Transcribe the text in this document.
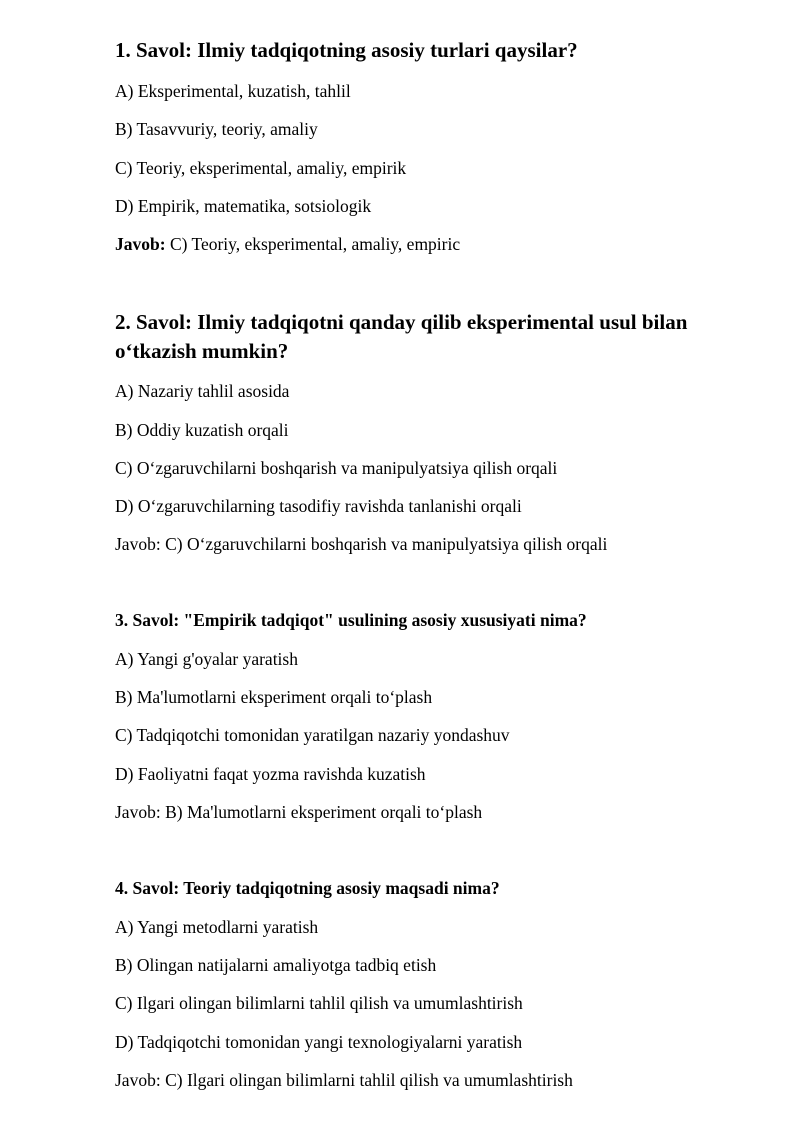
1. Savol: Ilmiy tadqiqotning asosiy turlari qaysilar?

A) Eksperimental, kuzatish, tahlil

B) Tasavvuriy, teoriy, amaliy

C) Teoriy, eksperimental, amaliy, empirik

D) Empirik, matematika, sotsiologik

Javob: C) Teoriy, eksperimental, amaliy, empiric

2. Savol: Ilmiy tadqiqotni qanday qilib eksperimental usul bilan

o‘tkazish mumkin?

A) Nazariy tahlil asosida

B) Oddiy kuzatish orqali

C) O‘zgaruvchilarni boshqarish va manipulyatsiya qilish orqali

D) O‘zgaruvchilarning tasodifiy ravishda tanlanishi orqali

Javob: C) O‘zgaruvchilarni boshqarish va manipulyatsiya qilish orqali

3. Savol: "Empirik tadqiqot" usulining asosiy xususiyati nima?

A) Yangi g'oyalar yaratish

B) Ma'lumotlarni eksperiment orqali to‘plash

C) Tadqiqotchi tomonidan yaratilgan nazariy yondashuv

D) Faoliyatni faqat yozma ravishda kuzatish

Javob: B) Ma'lumotlarni eksperiment orqali to‘plash

4. Savol: Teoriy tadqiqotning asosiy maqsadi nima?

A) Yangi metodlarni yaratish

B) Olingan natijalarni amaliyotga tadbiq etish

C) Ilgari olingan bilimlarni tahlil qilish va umumlashtirish

D) Tadqiqotchi tomonidan yangi texnologiyalarni yaratish

Javob: C) Ilgari olingan bilimlarni tahlil qilish va umumlashtirish
